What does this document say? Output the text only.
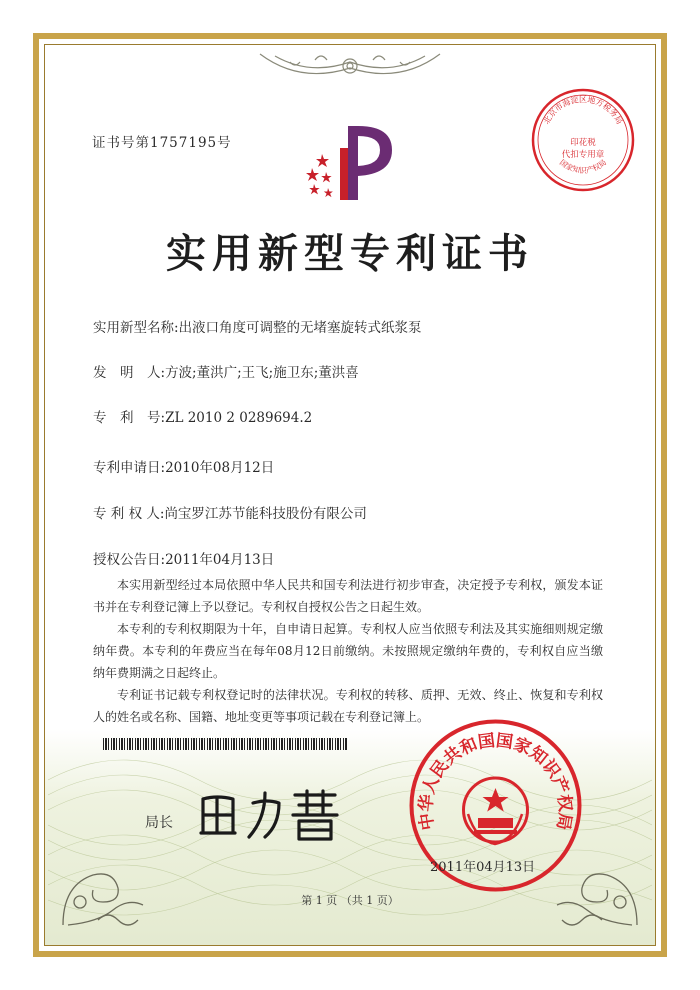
证书号第1757195号
北京市海淀区地方税务局
国家知识产权局
印花税
代扣专用章
实用新型专利证书
实用新型名称:出液口角度可调整的无堵塞旋转式纸浆泵
发　明　人:方波;董洪广;王飞;施卫东;董洪喜
专　利　号:ZL 2010 2 0289694.2
专利申请日:2010年08月12日
专 利 权 人:尚宝罗江苏节能科技股份有限公司
授权公告日:2011年04月13日

本实用新型经过本局依照中华人民共和国专利法进行初步审查，决定授予专利权，颁发本证书并在专利登记簿上予以登记。专利权自授权公告之日起生效。

本专利的专利权期限为十年，自申请日起算。专利权人应当依照专利法及其实施细则规定缴纳年费。本专利的年费应当在每年08月12日前缴纳。未按照规定缴纳年费的，专利权自应当缴纳年费期满之日起终止。

专利证书记载专利权登记时的法律状况。专利权的转移、质押、无效、终止、恢复和专利权人的姓名或名称、国籍、地址变更等事项记载在专利登记簿上。

局长	中华人民共和国国家知识产权局
2011年04月13日
第 1 页 （共 1 页）
